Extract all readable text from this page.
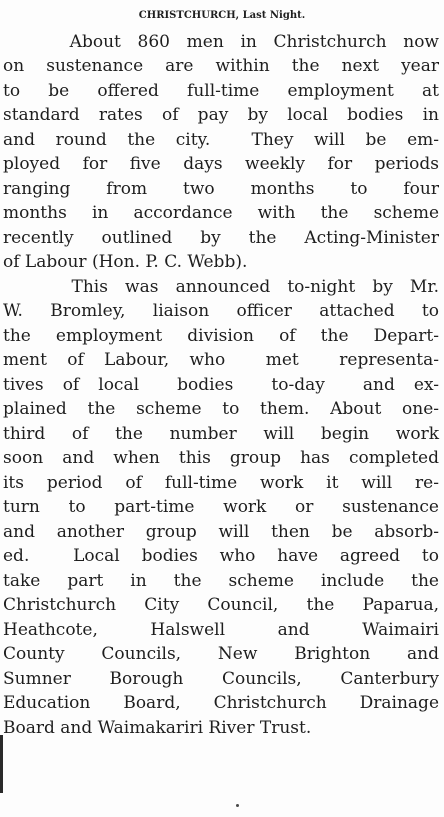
CHRISTCHURCH, Last Night.
About 860 men in Christchurch now
on sustenance are within the next year
to be offered full-time employment at
standard rates of pay by local bodies in
and round the city.  They will be em-
ployed for five days weekly for periods
ranging  from  two  months  to  four
months in accordance with the scheme
recently outlined by the Acting-Minister
of Labour (Hon. P. C. Webb).
This was announced to-night by Mr.
W. Bromley, liaison officer attached to
the employment division of the Depart-
ment of Labour, who  met  representa-
tives of local  bodies  to-day  and ex-
plained the scheme to them. About one-
third of the number will begin work
soon and when this group has completed
its period of full-time work it will re-
turn to part-time work or sustenance
and another group will then be absorb-
ed.  Local bodies who have agreed to
take part in the scheme include the
Christchurch City Council, the Paparua,
Heathcote,  Halswell  and  Waimairi
County Councils, New Brighton and
Sumner Borough Councils, Canterbury
Education Board, Christchurch Drainage
Board and Waimakariri River Trust.
